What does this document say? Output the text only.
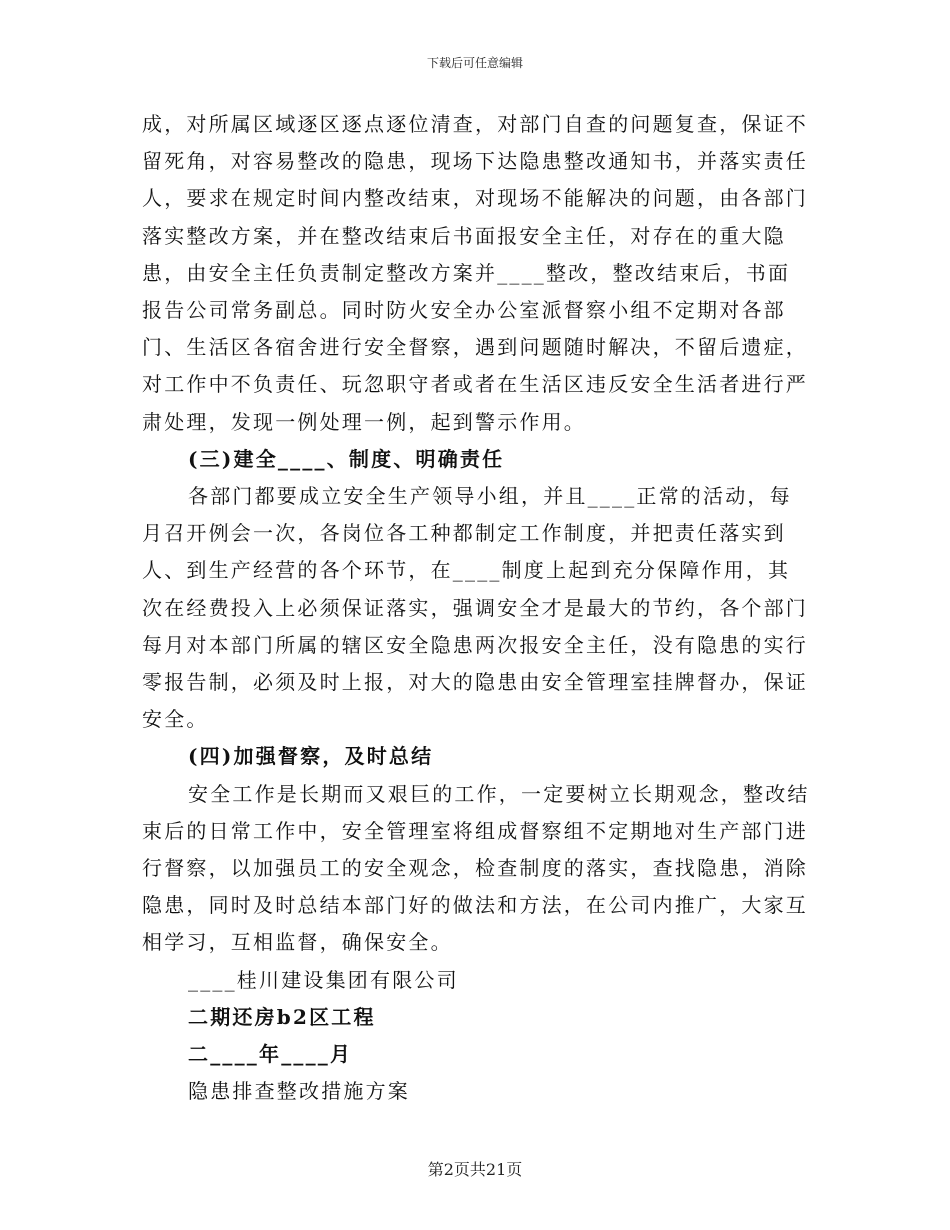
下载后可任意编辑

成，对所属区域逐区逐点逐位清查，对部门自查的问题复查，保证不留死角，对容易整改的隐患，现场下达隐患整改通知书，并落实责任人，要求在规定时间内整改结束，对现场不能解决的问题，由各部门落实整改方案，并在整改结束后书面报安全主任，对存在的重大隐患，由安全主任负责制定整改方案并____整改，整改结束后，书面报告公司常务副总。同时防火安全办公室派督察小组不定期对各部门、生活区各宿舍进行安全督察，遇到问题随时解决，不留后遗症，对工作中不负责任、玩忽职守者或者在生活区违反安全生活者进行严肃处理，发现一例处理一例，起到警示作用。

(三)建全____、制度、明确责任

各部门都要成立安全生产领导小组，并且____正常的活动，每月召开例会一次，各岗位各工种都制定工作制度，并把责任落实到人、到生产经营的各个环节，在____制度上起到充分保障作用，其次在经费投入上必须保证落实，强调安全才是最大的节约，各个部门每月对本部门所属的辖区安全隐患两次报安全主任，没有隐患的实行零报告制，必须及时上报，对大的隐患由安全管理室挂牌督办，保证安全。

(四)加强督察，及时总结

安全工作是长期而又艰巨的工作，一定要树立长期观念，整改结束后的日常工作中，安全管理室将组成督察组不定期地对生产部门进行督察，以加强员工的安全观念，检查制度的落实，查找隐患，消除隐患，同时及时总结本部门好的做法和方法，在公司内推广，大家互相学习，互相监督，确保安全。

____桂川建设集团有限公司

二期还房b2区工程

二____年____月

隐患排查整改措施方案

第2页共21页
